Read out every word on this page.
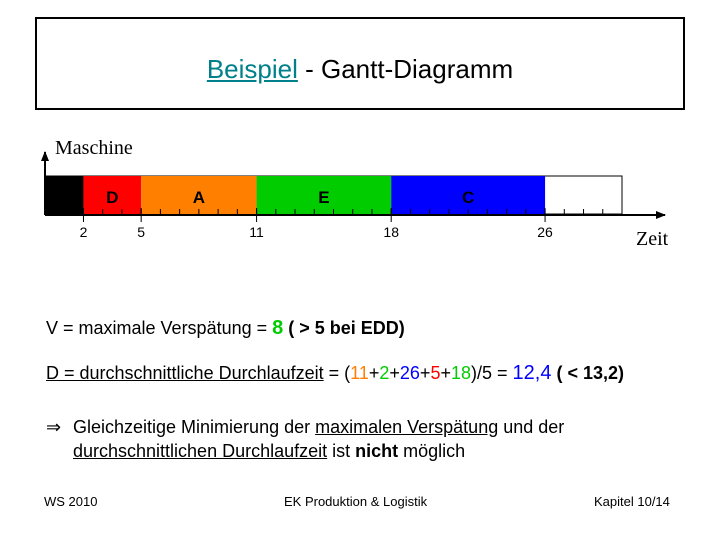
Beispiel - Gantt-Diagramm
Maschine
Zeit
B D	A	E	C
2	5	11	18	26
V = maximale Verspätung = 8 ( > 5 bei EDD)
D = durchschnittliche Durchlaufzeit = (11+2+26+5+18)/5 = 12,4 ( < 13,2)
⇒ Gleichzeitige Minimierung der maximalen Verspätung und der
durchschnittlichen Durchlaufzeit ist nicht möglich
WS 2010	EK Produktion & Logistik	Kapitel 10/14
